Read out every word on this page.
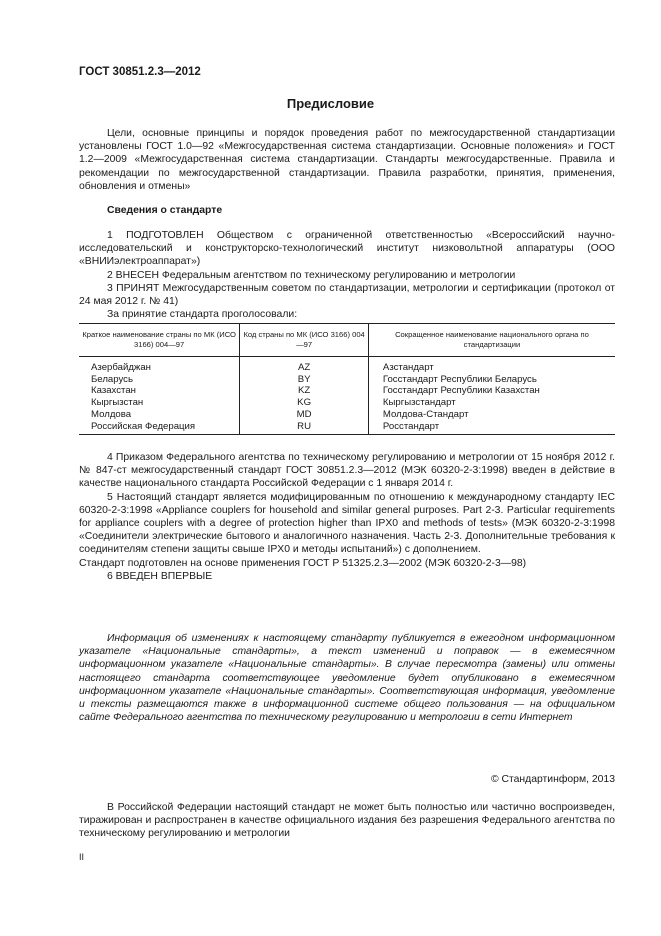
ГОСТ 30851.2.3—2012
Предисловие

Цели, основные принципы и порядок проведения работ по межгосударственной стандартизации установлены ГОСТ 1.0—92 «Межгосударственная система стандартизации. Основные положения» и ГОСТ 1.2—2009 «Межгосударственная система стандартизации. Стандарты межгосударственные. Правила и рекомендации по межгосударственной стандартизации. Правила разработки, принятия, применения, обновления и отмены»

Сведения о стандарте

1 ПОДГОТОВЛЕН Обществом с ограниченной ответственностью «Всероссийский научно-исследовательский и конструкторско-технологический институт низковольтной аппаратуры (ООО «ВНИИэлектроаппарат»)

2 ВНЕСЕН Федеральным агентством по техническому регулированию и метрологии

3 ПРИНЯТ Межгосударственным советом по стандартизации, метрологии и сертификации (протокол от 24 мая 2012 г. № 41)

За принятие стандарта проголосовали:

Краткое наименование страны по МК (ИСО 3166) 004—97	Код страны по МК (ИСО 3166) 004—97	Сокращенное наименование национального органа по стандартизации
Азербайджан	AZ	Азстандарт
Беларусь	BY	Госстандарт Республики Беларусь
Казахстан	KZ	Госстандарт Республики Казахстан
Кыргызстан	KG	Кыргызстандарт
Молдова	MD	Молдова-Стандарт
Российская Федерация	RU	Росстандарт

4 Приказом Федерального агентства по техническому регулированию и метрологии от 15 ноября 2012 г. № 847-ст межгосударственный стандарт ГОСТ 30851.2.3—2012 (МЭК 60320-2-3:1998) введен в действие в качестве национального стандарта Российской Федерации с 1 января 2014 г.

5 Настоящий стандарт является модифицированным по отношению к международному стандарту IEC 60320-2-3:1998 «Appliance couplers for household and similar general purposes. Part 2-3. Particular requirements for appliance couplers with a degree of protection higher than IPX0 and methods of tests» (МЭК 60320-2-3:1998 «Соединители электрические бытового и аналогичного назначения. Часть 2-3. Дополнительные требования к соединителям степени защиты свыше IPX0 и методы испытаний») с дополнением.

Стандарт подготовлен на основе применения ГОСТ Р 51325.2.3—2002 (МЭК 60320-2-3—98)

6 ВВЕДЕН ВПЕРВЫЕ

Информация об изменениях к настоящему стандарту публикуется в ежегодном информационном указателе «Национальные стандарты», а текст изменений и поправок — в ежемесячном информационном указателе «Национальные стандарты». В случае пересмотра (замены) или отмены настоящего стандарта соответствующее уведомление будет опубликовано в ежемесячном информационном указателе «Национальные стандарты». Соответствующая информация, уведомление и тексты размещаются также в информационной системе общего пользования — на официальном сайте Федерального агентства по техническому регулированию и метрологии в сети Интернет

© Стандартинформ, 2013

В Российской Федерации настоящий стандарт не может быть полностью или частично воспроизведен, тиражирован и распространен в качестве официального издания без разрешения Федерального агентства по техническому регулированию и метрологии

II
